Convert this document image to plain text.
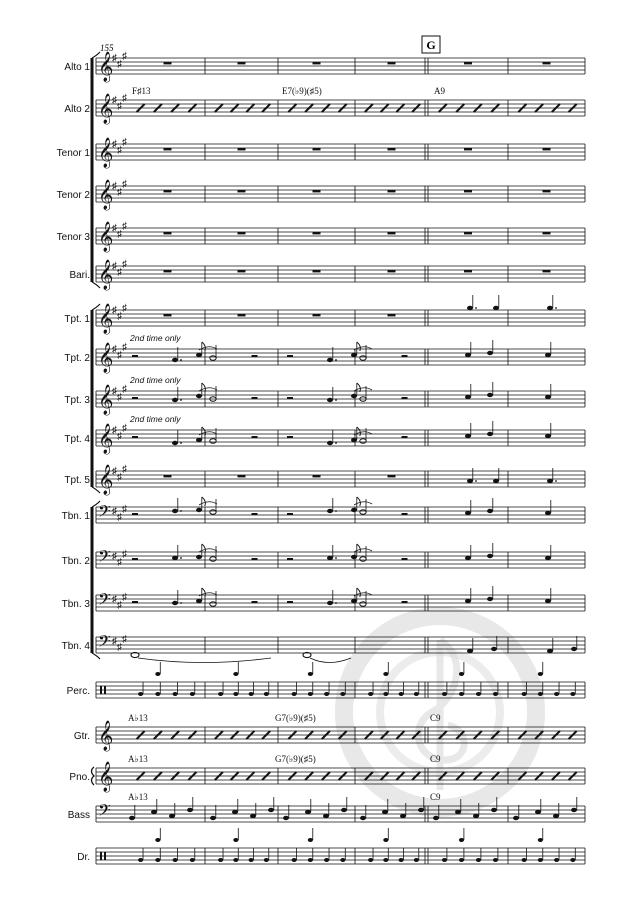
Alto 1 𝄞
♯
♯
♯
Alto 2 𝄞
♯
♯
♯
F♯13	E7(♭9)(♯5)	A9
Tenor 1 𝄞
♯
♯
♯
Tenor 2 𝄞
♯
♯
♯
Tenor 3 𝄞
♯
♯
♯
Bari. 𝄞
♯
♯
♯
Tpt. 1 𝄞
♯
♯
♯
Tpt. 2 𝄞
♯
♯
♯
2nd time only
Tpt. 3 𝄞
♯
♯
♯
2nd time only
Tpt. 4 𝄞
♯
♯
♯
2nd time only
Tpt. 5 𝄞
♯
♯
♯
Tbn. 1 𝄢 ♯
♯
♯
Tbn. 2 𝄢 ♯
♯
♯
Tbn. 3 𝄢 ♯
♯
♯
Tbn. 4 𝄢 ♯
♯
♯
Perc.
Gtr. 𝄞
A♭13	G7(♭9)(♯5)	C9
Pno. 𝄞
A♭13	G7(♭9)(♯5)	C9
Bass 𝄢
A♭13	C9
Dr.
155	G
